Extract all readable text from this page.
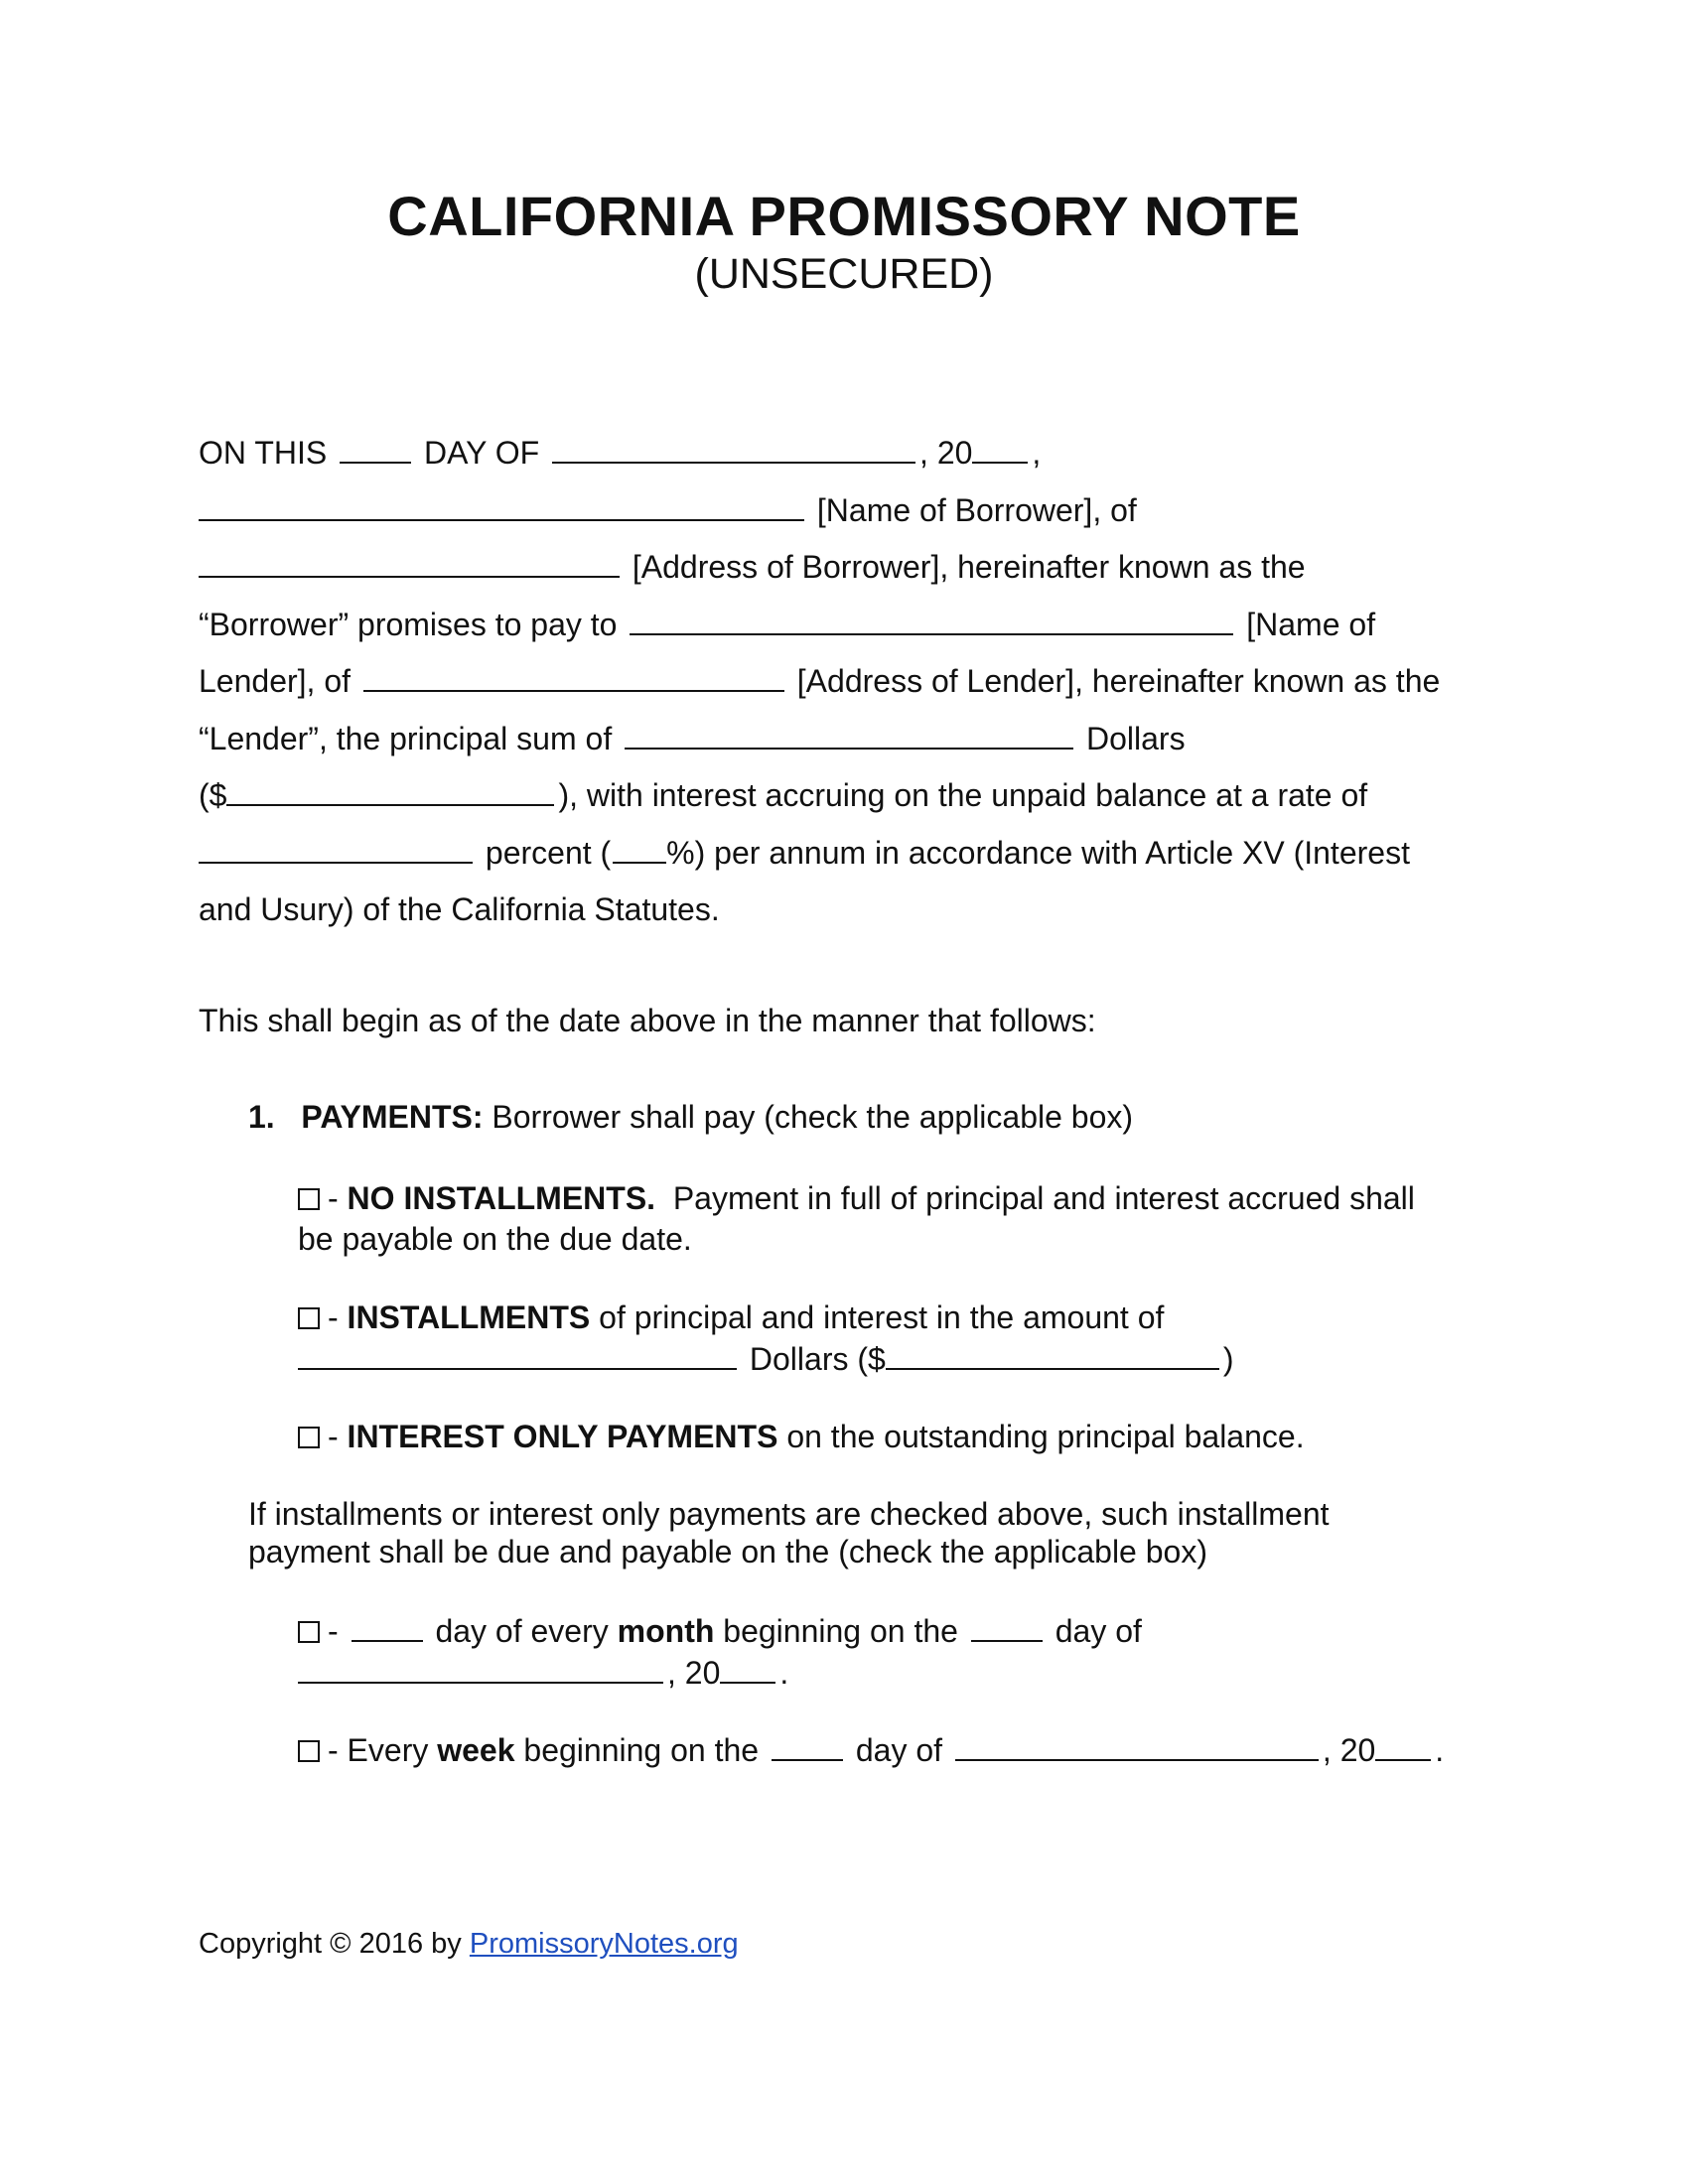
CALIFORNIA PROMISSORY NOTE
(UNSECURED)
ON THIS	DAY OF	, 20 ,
[Name of Borrower], of
[Address of Borrower], hereinafter known as the
“Borrower” promises to pay to	[Name of
Lender], of	[Address of Lender], hereinafter known as the
“Lender”, the principal sum of	Dollars
($	), with interest accruing on the unpaid balance at a rate of
percent ( %) per annum in accordance with Article XV (Interest
and Usury) of the California Statutes.
This shall begin as of the date above in the manner that follows:
1. PAYMENTS: Borrower shall pay (check the applicable box)
- NO INSTALLMENTS. Payment in full of principal and interest accrued shall
be payable on the due date.
- INSTALLMENTS of principal and interest in the amount of
Dollars ($	)
- INTEREST ONLY PAYMENTS on the outstanding principal balance.
If installments or interest only payments are checked above, such installment
payment shall be due and payable on the (check the applicable box)
-	day of every month beginning on the	day of
, 20 .
- Every week beginning on the	day of	, 20 .
Copyright © 2016 by PromissoryNotes.org
